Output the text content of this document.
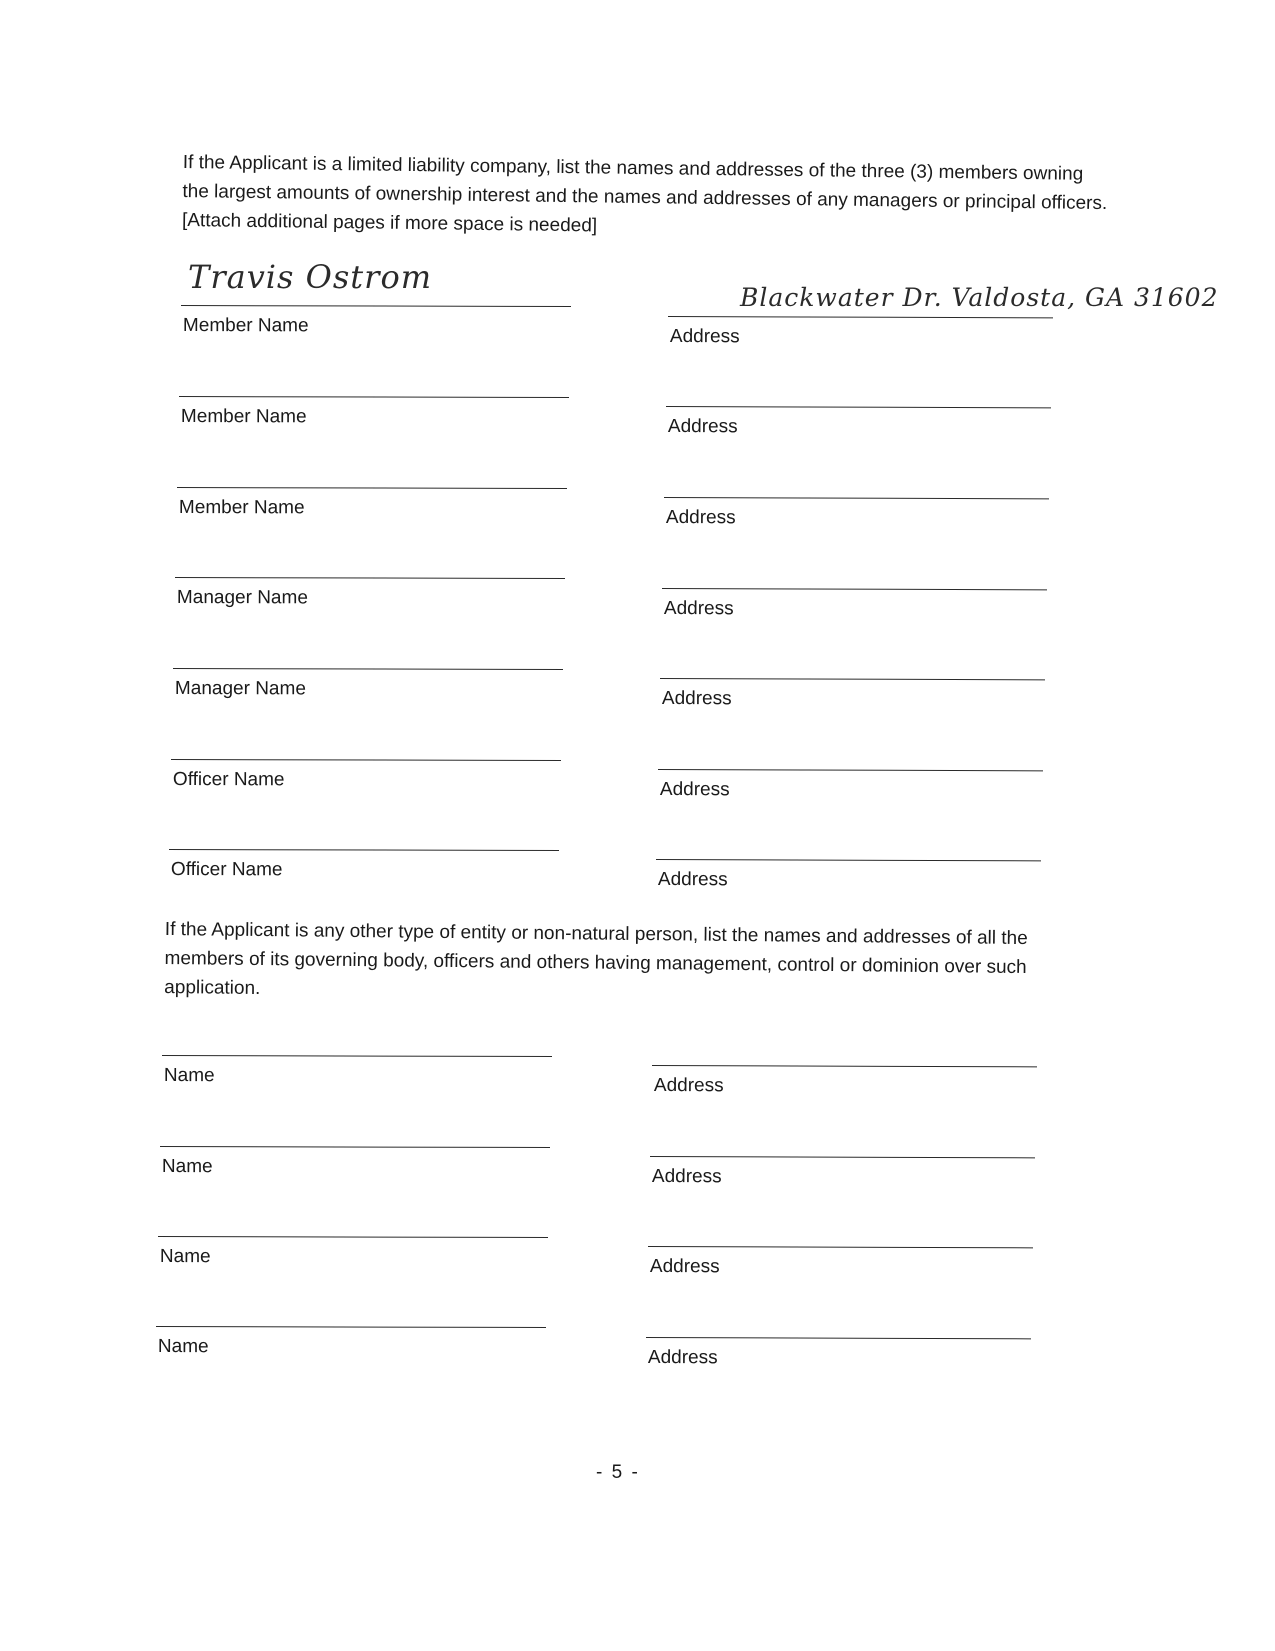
If the Applicant is a limited liability company, list the names and addresses of the three (3) members owning the largest amounts of ownership interest and the names and addresses of any managers or principal officers. [Attach additional pages if more space is needed]

Travis Ostrom
Blackwater Dr. Valdosta, GA 31602
Member Name
Member Name
Member Name
Manager Name
Manager Name
Officer Name
Officer Name
Address
Address
Address
Address
Address
Address
Address

If the Applicant is any other type of entity or non-natural person, list the names and addresses of all the members of its governing body, officers and others having management, control or dominion over such application.

Name
Name
Name
Name
Address
Address
Address
Address
- 5 -
